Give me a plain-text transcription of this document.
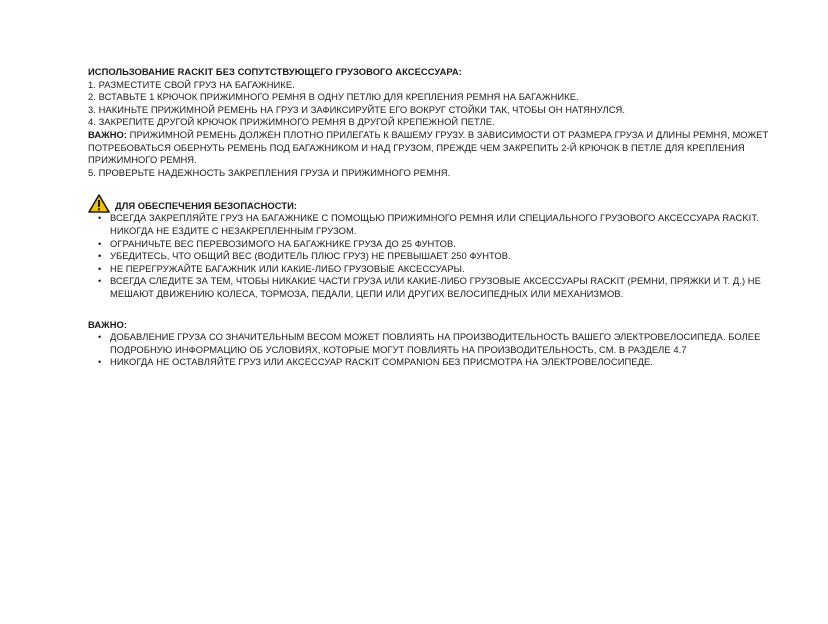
ИСПОЛЬЗОВАНИЕ RACKIT БЕЗ СОПУТСТВУЮЩЕГО ГРУЗОВОГО АКСЕССУАРА:

1. РАЗМЕСТИТЕ СВОЙ ГРУЗ НА БАГАЖНИКЕ.
2. ВСТАВЬТЕ 1 КРЮЧОК ПРИЖИМНОГО РЕМНЯ В ОДНУ ПЕТЛЮ ДЛЯ КРЕПЛЕНИЯ РЕМНЯ НА БАГАЖНИКЕ.
3. НАКИНЬТЕ ПРИЖИМНОЙ РЕМЕНЬ НА ГРУЗ И ЗАФИКСИРУЙТЕ ЕГО ВОКРУГ СТОЙКИ ТАК, ЧТОБЫ ОН НАТЯНУЛСЯ.
4. ЗАКРЕПИТЕ ДРУГОЙ КРЮЧОК ПРИЖИМНОГО РЕМНЯ В ДРУГОЙ КРЕПЕЖНОЙ ПЕТЛЕ.
ВАЖНО: ПРИЖИМНОЙ РЕМЕНЬ ДОЛЖЕН ПЛОТНО ПРИЛЕГАТЬ К ВАШЕМУ ГРУЗУ. В ЗАВИСИМОСТИ ОТ РАЗМЕРА ГРУЗА И ДЛИНЫ РЕМНЯ, МОЖЕТ ПОТРЕБОВАТЬСЯ ОБЕРНУТЬ РЕМЕНЬ ПОД БАГАЖНИКОМ И НАД ГРУЗОМ, ПРЕЖДЕ ЧЕМ ЗАКРЕПИТЬ 2-Й КРЮЧОК В ПЕТЛЕ ДЛЯ КРЕПЛЕНИЯ ПРИЖИМНОГО РЕМНЯ.
5. ПРОВЕРЬТЕ НАДЕЖНОСТЬ ЗАКРЕПЛЕНИЯ ГРУЗА И ПРИЖИМНОГО РЕМНЯ.
ДЛЯ ОБЕСПЕЧЕНИЯ БЕЗОПАСНОСТИ:
• ВСЕГДА ЗАКРЕПЛЯЙТЕ ГРУЗ НА БАГАЖНИКЕ С ПОМОЩЬЮ ПРИЖИМНОГО РЕМНЯ ИЛИ СПЕЦИАЛЬНОГО ГРУЗОВОГО АКСЕССУАРА RACKIT. НИКОГДА НЕ ЕЗДИТЕ С НЕЗАКРЕПЛЕННЫМ ГРУЗОМ.
• ОГРАНИЧЬТЕ ВЕС ПЕРЕВОЗИМОГО НА БАГАЖНИКЕ ГРУЗА ДО 25 ФУНТОВ.
• УБЕДИТЕСЬ, ЧТО ОБЩИЙ ВЕС (ВОДИТЕЛЬ ПЛЮС ГРУЗ) НЕ ПРЕВЫШАЕТ 250 ФУНТОВ.
• НЕ ПЕРЕГРУЖАЙТЕ БАГАЖНИК ИЛИ КАКИЕ-ЛИБО ГРУЗОВЫЕ АКСЕССУАРЫ.
• ВСЕГДА СЛЕДИТЕ ЗА ТЕМ, ЧТОБЫ НИКАКИЕ ЧАСТИ ГРУЗА ИЛИ КАКИЕ-ЛИБО ГРУЗОВЫЕ АКСЕССУАРЫ RACKIT (РЕМНИ, ПРЯЖКИ И Т. Д.) НЕ МЕШАЮТ ДВИЖЕНИЮ КОЛЕСА, ТОРМОЗА, ПЕДАЛИ, ЦЕПИ ИЛИ ДРУГИХ ВЕЛОСИПЕДНЫХ ИЛИ МЕХАНИЗМОВ.

ВАЖНО:

• ДОБАВЛЕНИЕ ГРУЗА СО ЗНАЧИТЕЛЬНЫМ ВЕСОМ МОЖЕТ ПОВЛИЯТЬ НА ПРОИЗВОДИТЕЛЬНОСТЬ ВАШЕГО ЭЛЕКТРОВЕЛОСИПЕДА. БОЛЕЕ ПОДРОБНУЮ ИНФОРМАЦИЮ ОБ УСЛОВИЯХ, КОТОРЫЕ МОГУТ ПОВЛИЯТЬ НА ПРОИЗВОДИТЕЛЬНОСТЬ, СМ. В РАЗДЕЛЕ 4.7
• НИКОГДА НЕ ОСТАВЛЯЙТЕ ГРУЗ ИЛИ АКСЕССУАР RACKIT COMPANION БЕЗ ПРИСМОТРА НА ЭЛЕКТРОВЕЛОСИПЕДЕ.
